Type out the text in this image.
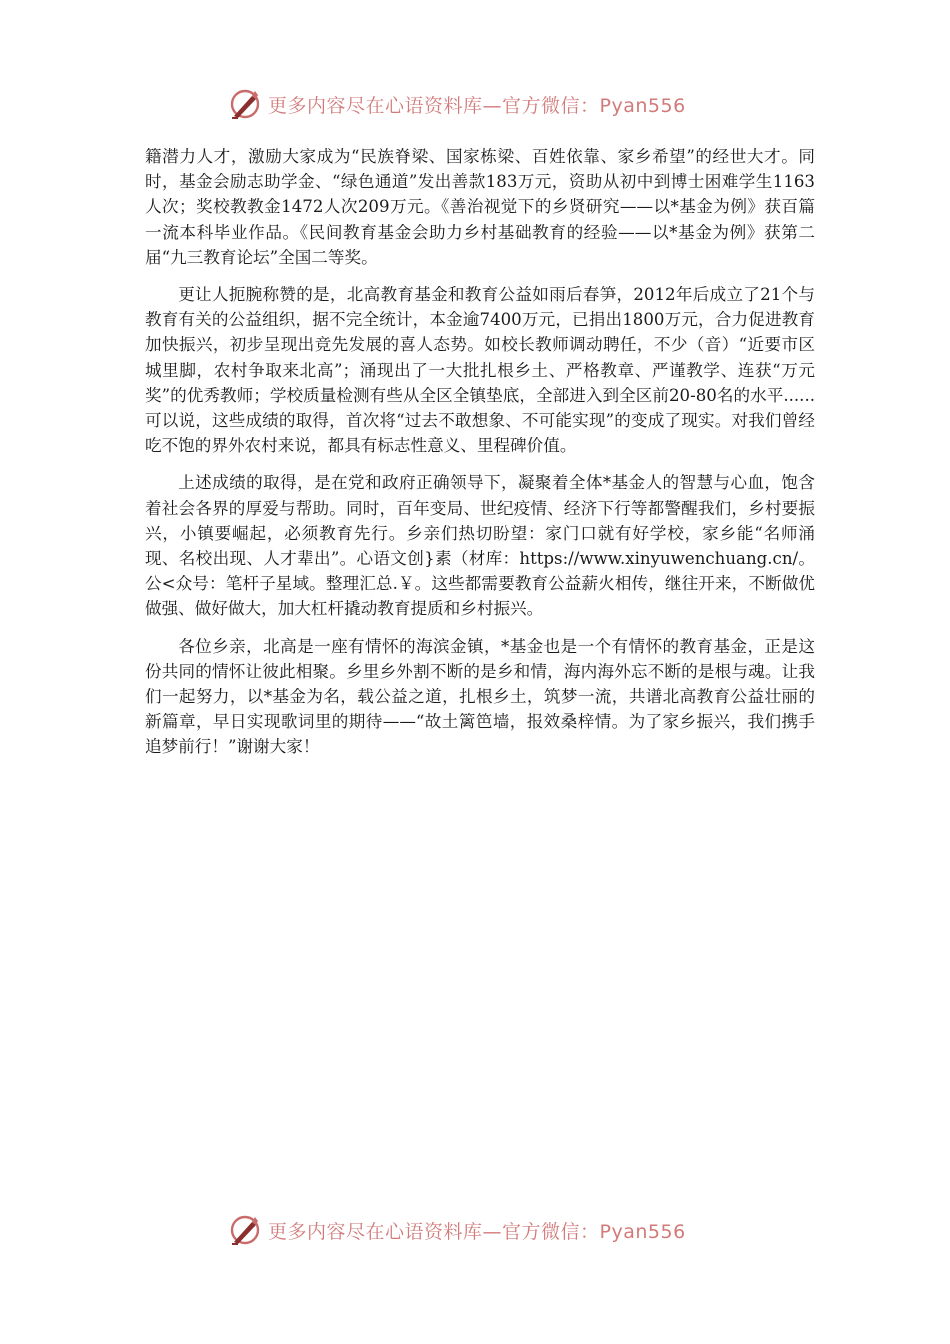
更多内容尽在心语资料库—官方微信：Pyan556

籍潜力人才，激励大家成为“民族脊梁、国家栋梁、百姓依靠、家乡希望”的经世大才。同时，基金会励志助学金、“绿色通道”发出善款183万元，资助从初中到博士困难学生1163人次；奖校教教金1472人次209万元。《善治视觉下的乡贤研究——以*基金为例》获百篇一流本科毕业作品。《民间教育基金会助力乡村基础教育的经验——以*基金为例》获第二届“九三教育论坛”全国二等奖。

更让人扼腕称赞的是，北高教育基金和教育公益如雨后春笋，2012年后成立了21个与教育有关的公益组织，据不完全统计，本金逾7400万元，已捐出1800万元，合力促进教育加快振兴，初步呈现出竞先发展的喜人态势。如校长教师调动聘任，不少（音）“近要市区城里脚，农村争取来北高”；涌现出了一大批扎根乡土、严格教章、严谨教学、连获“万元奖”的优秀教师；学校质量检测有些从全区全镇垫底，全部进入到全区前20-80名的水平......可以说，这些成绩的取得，首次将“过去不敢想象、不可能实现”的变成了现实。对我们曾经吃不饱的界外农村来说，都具有标志性意义、里程碑价值。

上述成绩的取得，是在党和政府正确领导下，凝聚着全体*基金人的智慧与心血，饱含着社会各界的厚爱与帮助。同时，百年变局、世纪疫情、经济下行等都警醒我们，乡村要振兴，小镇要崛起，必须教育先行。乡亲们热切盼望：家门口就有好学校，家乡能“名师涌现、名校出现、人才辈出”。心语文创}素（材库：https://www.xinyuwenchuang.cn/。公<众号：笔杆子星域。整理汇总.￥。这些都需要教育公益薪火相传，继往开来，不断做优做强、做好做大，加大杠杆撬动教育提质和乡村振兴。

各位乡亲，北高是一座有情怀的海滨金镇，*基金也是一个有情怀的教育基金，正是这份共同的情怀让彼此相聚。乡里乡外割不断的是乡和情，海内海外忘不断的是根与魂。让我们一起努力，以*基金为名，载公益之道，扎根乡土，筑梦一流，共谱北高教育公益壮丽的新篇章，早日实现歌词里的期待——“故土篱笆墙，报效桑梓情。为了家乡振兴，我们携手追梦前行！”谢谢大家！

更多内容尽在心语资料库—官方微信：Pyan556
